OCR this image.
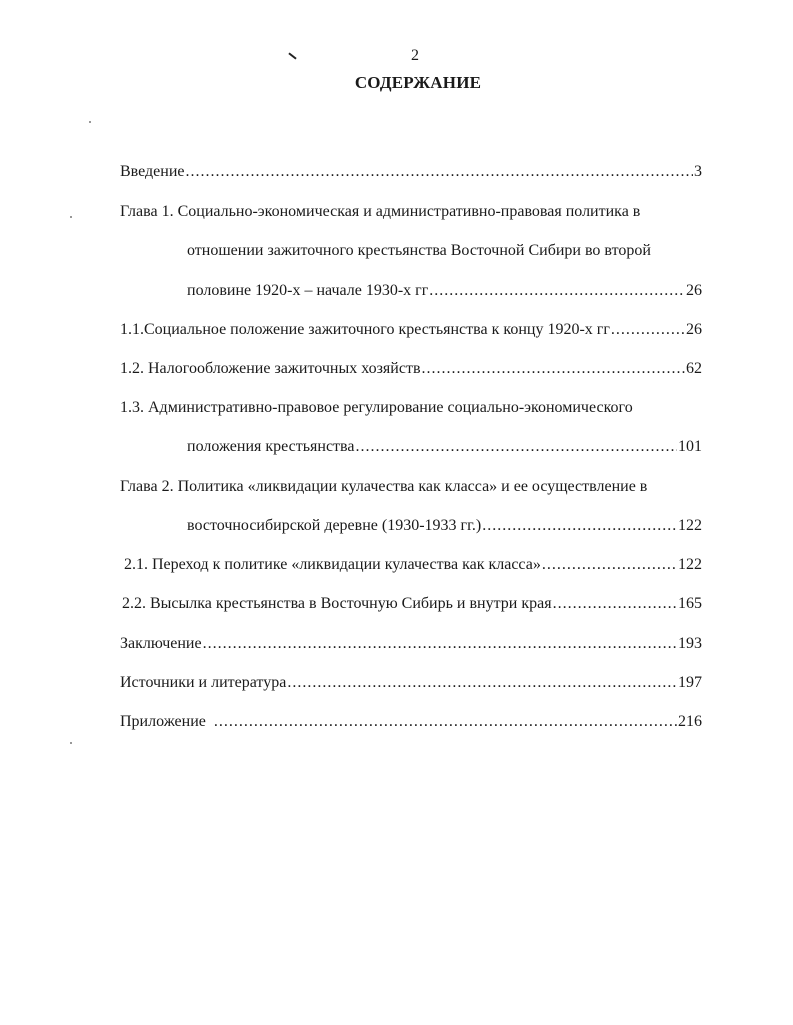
2
СОДЕРЖАНИЕ
Введение .....	3
Глава 1. Социально-экономическая и административно-правовая политика в
отношении зажиточного крестьянства Восточной Сибири во второй
половине 1920-х – начале 1930-х гг .....	26
1.1.Социальное положение зажиточного крестьянства к концу 1920-х гг .....	26
1.2. Налогообложение зажиточных хозяйств .....	62
1.3. Административно-правовое регулирование социально-экономического
положения крестьянства .....	101
Глава 2. Политика «ликвидации кулачества как класса» и ее осуществление в
восточносибирской деревне (1930-1933 гг.) .....	122
2.1. Переход к политике «ликвидации кулачества как класса» .....	122
2.2. Высылка крестьянства в Восточную Сибирь и внутри края .....	165
Заключение .....	193
Источники и литература .....	197
Приложение .....	216
